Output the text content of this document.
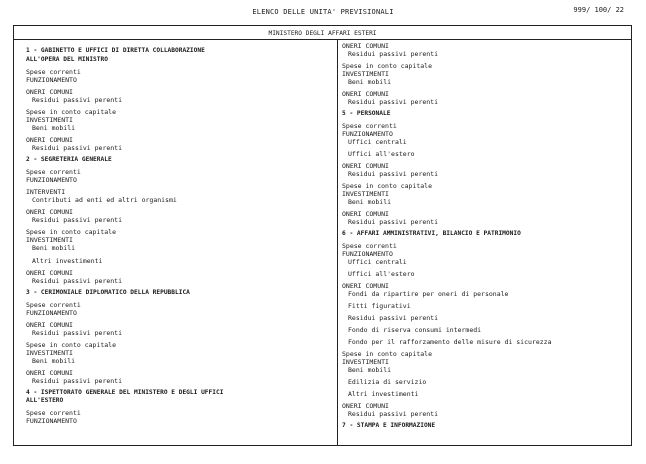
ELENCO DELLE UNITA' PREVISIONALI	999/ 100/ 22
MINISTERO DEGLI AFFARI ESTERI
1 - GABINETTO E UFFICI DI DIRETTA COLLABORAZIONE
ALL'OPERA DEL MINISTRO
Spese correnti
FUNZIONAMENTO
ONERI COMUNI
Residui passivi perenti
Spese in conto capitale
INVESTIMENTI
Beni mobili
ONERI COMUNI
Residui passivi perenti
2 - SEGRETERIA GENERALE
Spese correnti
FUNZIONAMENTO
INTERVENTI
Contributi ad enti ed altri organismi
ONERI COMUNI
Residui passivi perenti
Spese in conto capitale
INVESTIMENTI
Beni mobili
Altri investimenti
ONERI COMUNI
Residui passivi perenti
3 - CERIMONIALE DIPLOMATICO DELLA REPUBBLICA
Spese correnti
FUNZIONAMENTO
ONERI COMUNI
Residui passivi perenti
Spese in conto capitale
INVESTIMENTI
Beni mobili
ONERI COMUNI
Residui passivi perenti
4 - ISPETTORATO GENERALE DEL MINISTERO E DEGLI UFFICI
ALL'ESTERO
Spese correnti
FUNZIONAMENTO
ONERI COMUNI
Residui passivi perenti
Spese in conto capitale
INVESTIMENTI
Beni mobili
ONERI COMUNI
Residui passivi perenti
5 - PERSONALE
Spese correnti
FUNZIONAMENTO
Uffici centrali
Uffici all'estero
ONERI COMUNI
Residui passivi perenti
Spese in conto capitale
INVESTIMENTI
Beni mobili
ONERI COMUNI
Residui passivi perenti
6 - AFFARI AMMINISTRATIVI, BILANCIO E PATRIMONIO
Spese correnti
FUNZIONAMENTO
Uffici centrali
Uffici all'estero
ONERI COMUNI
Fondi da ripartire per oneri di personale
Fitti figurativi
Residui passivi perenti
Fondo di riserva consumi intermedi
Fondo per il rafforzamento delle misure di sicurezza
Spese in conto capitale
INVESTIMENTI
Beni mobili
Edilizia di servizio
Altri investimenti
ONERI COMUNI
Residui passivi perenti
7 - STAMPA E INFORMAZIONE
